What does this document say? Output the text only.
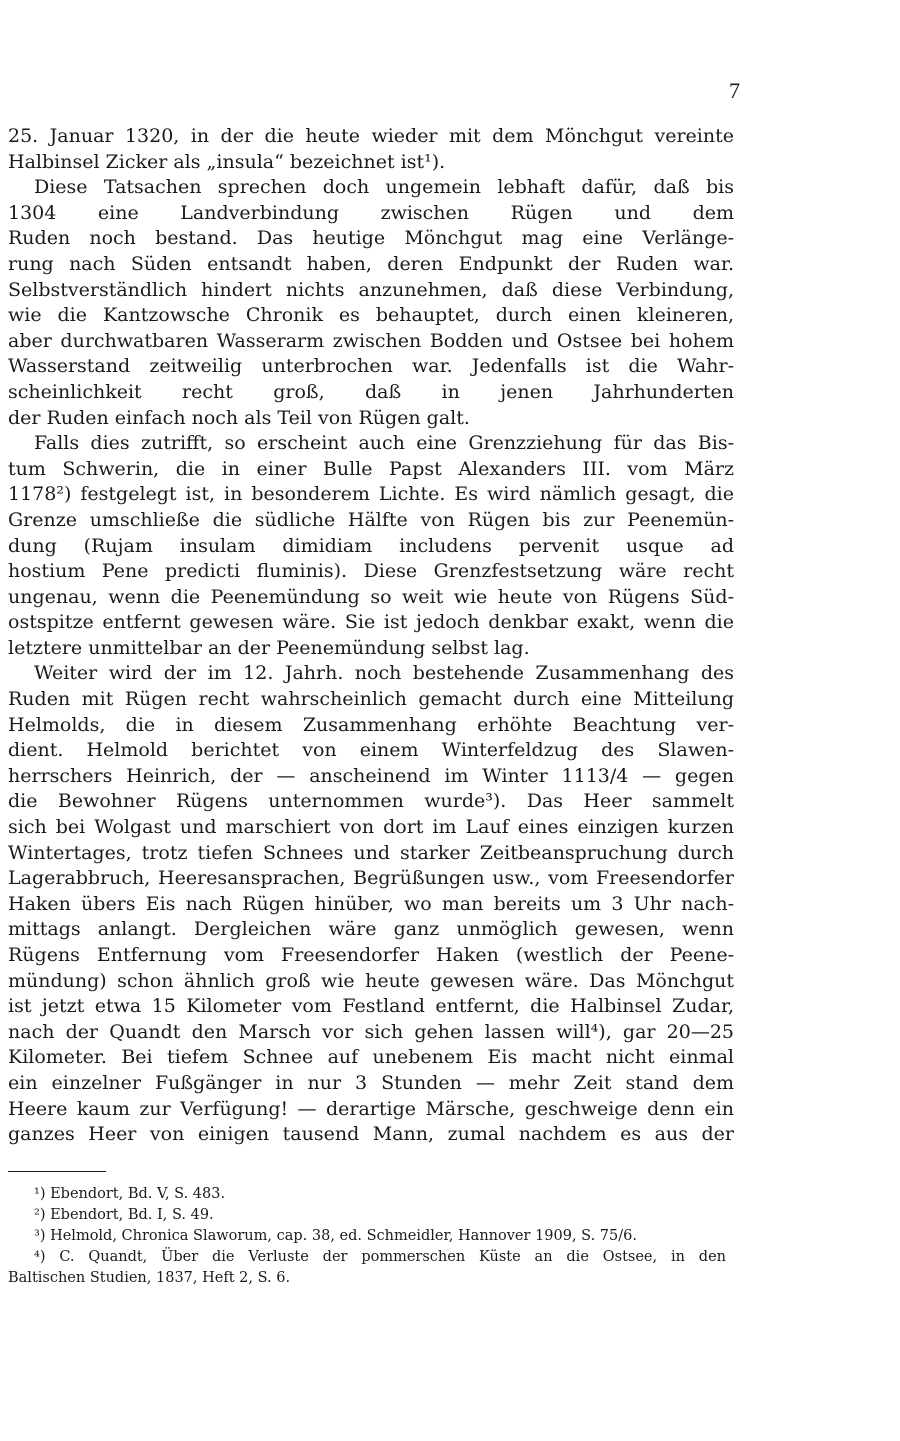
7
25. Januar 1320, in der die heute wieder mit dem Mönchgut vereinte
Halbinsel Zicker als „insula“ bezeichnet ist¹).
Diese Tatsachen sprechen doch ungemein lebhaft dafür, daß bis
1304 eine Landverbindung zwischen Rügen und dem
Ruden noch bestand. Das heutige Mönchgut mag eine Verlänge-
rung nach Süden entsandt haben, deren Endpunkt der Ruden war.
Selbstverständlich hindert nichts anzunehmen, daß diese Verbindung,
wie die Kantzowsche Chronik es behauptet, durch einen kleineren,
aber durchwatbaren Wasserarm zwischen Bodden und Ostsee bei hohem
Wasserstand zeitweilig unterbrochen war. Jedenfalls ist die Wahr-
scheinlichkeit recht groß, daß in jenen Jahrhunderten
der Ruden einfach noch als Teil von Rügen galt.
Falls dies zutrifft, so erscheint auch eine Grenzziehung für das Bis-
tum Schwerin, die in einer Bulle Papst Alexanders III. vom März
1178²) festgelegt ist, in besonderem Lichte. Es wird nämlich gesagt, die
Grenze umschließe die südliche Hälfte von Rügen bis zur Peenemün-
dung (Rujam insulam dimidiam includens pervenit usque ad
hostium Pene predicti fluminis). Diese Grenzfestsetzung wäre recht
ungenau, wenn die Peenemündung so weit wie heute von Rügens Süd-
ostspitze entfernt gewesen wäre. Sie ist jedoch denkbar exakt, wenn die
letztere unmittelbar an der Peenemündung selbst lag.
Weiter wird der im 12. Jahrh. noch bestehende Zusammenhang des
Ruden mit Rügen recht wahrscheinlich gemacht durch eine Mitteilung
Helmolds, die in diesem Zusammenhang erhöhte Beachtung ver-
dient. Helmold berichtet von einem Winterfeldzug des Slawen-
herrschers Heinrich, der — anscheinend im Winter 1113/4 — gegen
die Bewohner Rügens unternommen wurde³). Das Heer sammelt
sich bei Wolgast und marschiert von dort im Lauf eines einzigen kurzen
Wintertages, trotz tiefen Schnees und starker Zeitbeanspruchung durch
Lagerabbruch, Heeresansprachen, Begrüßungen usw., vom Freesendorfer
Haken übers Eis nach Rügen hinüber, wo man bereits um 3 Uhr nach-
mittags anlangt. Dergleichen wäre ganz unmöglich gewesen, wenn
Rügens Entfernung vom Freesendorfer Haken (westlich der Peene-
mündung) schon ähnlich groß wie heute gewesen wäre. Das Mönchgut
ist jetzt etwa 15 Kilometer vom Festland entfernt, die Halbinsel Zudar,
nach der Quandt den Marsch vor sich gehen lassen will⁴), gar 20—25
Kilometer. Bei tiefem Schnee auf unebenem Eis macht nicht einmal
ein einzelner Fußgänger in nur 3 Stunden — mehr Zeit stand dem
Heere kaum zur Verfügung! — derartige Märsche, geschweige denn ein
ganzes Heer von einigen tausend Mann, zumal nachdem es aus der
¹) Ebendort, Bd. V, S. 483.
²) Ebendort, Bd. I, S. 49.
³) Helmold, Chronica Slaworum, cap. 38, ed. Schmeidler, Hannover 1909, S. 75/6.
⁴) C. Quandt, Über die Verluste der pommerschen Küste an die Ostsee, in den
Baltischen Studien, 1837, Heft 2, S. 6.
